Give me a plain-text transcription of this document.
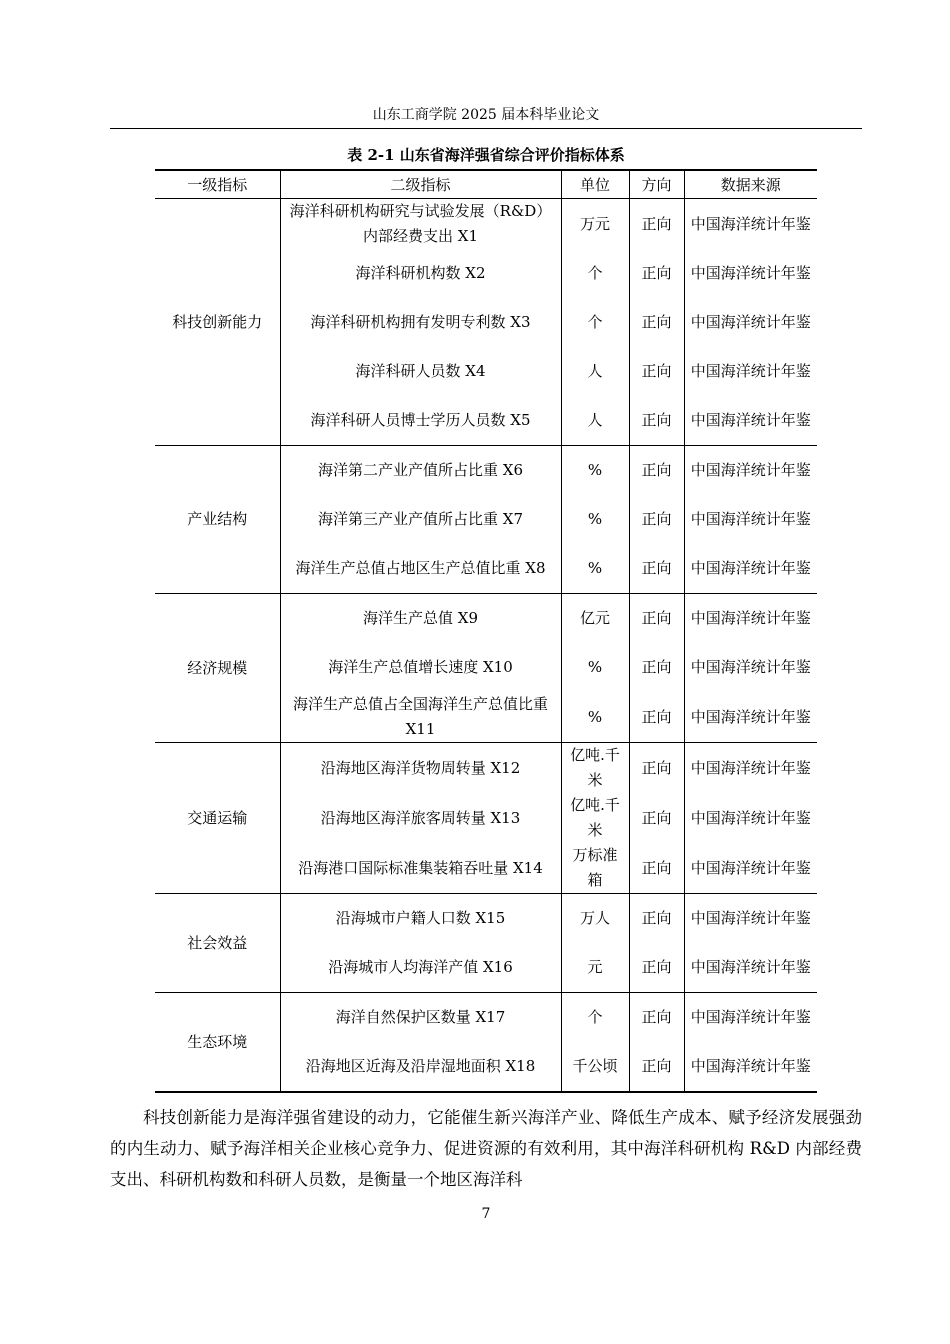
山东工商学院 2025 届本科毕业论文
表 2-1 山东省海洋强省综合评价指标体系
一级指标	二级指标	单位	方向	数据来源
科技创新能力	海洋科研机构研究与试验发展（R&D）内部经费支出 X1	万元	正向	中国海洋统计年鉴
	海洋科研机构数 X2	个	正向	中国海洋统计年鉴
	海洋科研机构拥有发明专利数 X3	个	正向	中国海洋统计年鉴
	海洋科研人员数 X4	人	正向	中国海洋统计年鉴
	海洋科研人员博士学历人员数 X5	人	正向	中国海洋统计年鉴
产业结构	海洋第二产业产值所占比重 X6	%	正向	中国海洋统计年鉴
	海洋第三产业产值所占比重 X7	%	正向	中国海洋统计年鉴
	海洋生产总值占地区生产总值比重 X8	%	正向	中国海洋统计年鉴
经济规模	海洋生产总值 X9	亿元	正向	中国海洋统计年鉴
	海洋生产总值增长速度 X10	%	正向	中国海洋统计年鉴
	海洋生产总值占全国海洋生产总值比重 X11	%	正向	中国海洋统计年鉴
交通运输	沿海地区海洋货物周转量 X12	亿吨.千米	正向	中国海洋统计年鉴
	沿海地区海洋旅客周转量 X13	亿吨.千米	正向	中国海洋统计年鉴
	沿海港口国际标准集装箱吞吐量 X14	万标准箱	正向	中国海洋统计年鉴
社会效益	沿海城市户籍人口数 X15	万人	正向	中国海洋统计年鉴
	沿海城市人均海洋产值 X16	元	正向	中国海洋统计年鉴
生态环境	海洋自然保护区数量 X17	个	正向	中国海洋统计年鉴
	沿海地区近海及沿岸湿地面积 X18	千公顷	正向	中国海洋统计年鉴

科技创新能力是海洋强省建设的动力，它能催生新兴海洋产业、降低生产成本、赋予经济发展强劲的内生动力、赋予海洋相关企业核心竞争力、促进资源的有效利用，其中海洋科研机构 R&D 内部经费支出、科研机构数和科研人员数，是衡量一个地区海洋科

7
